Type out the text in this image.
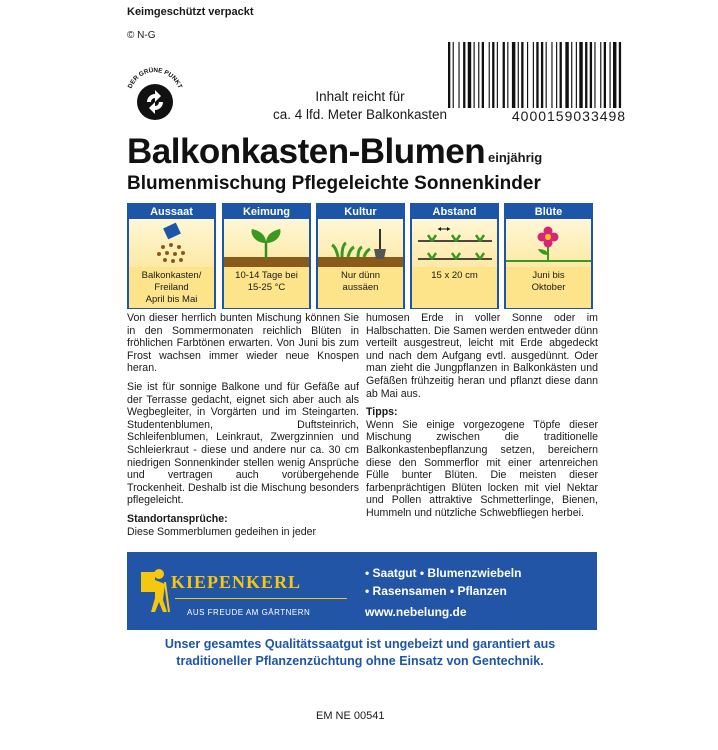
Keimgeschützt verpackt
© N-G
DER GRÜNE PUNKT
Inhalt reicht für
ca. 4 lfd. Meter Balkonkasten	4000159033498
Balkonkasten-Blumen einjährig
Blumenmischung Pflegeleichte Sonnenkinder
Aussaat
Balkonkasten/
Freiland
April bis Mai
Keimung
10-14 Tage bei
15-25 °C
Kultur
Nur dünn
aussäen
Abstand
15 x 20 cm
Blüte
Juni bis
Oktober

Von dieser herrlich bunten Mischung können Sie in den Sommermonaten reichlich Blüten in fröhlichen Farbtönen erwarten. Von Juni bis zum Frost wachsen immer wieder neue Knospen heran.

Sie ist für sonnige Balkone und für Gefäße auf der Terrasse gedacht, eignet sich aber auch als Wegbegleiter, in Vorgärten und im Steingarten. Studentenblumen, Duftsteinrich, Schleifenblumen, Leinkraut, Zwergzinnien und Schleierkraut - diese und andere nur ca. 30 cm niedrigen Sonnenkinder stellen wenig Ansprüche und vertragen auch vorübergehende Trockenheit. Deshalb ist die Mischung besonders pflegeleicht.

Standortansprüche:
Diese Sommerblumen gedeihen in jeder

humosen Erde in voller Sonne oder im Halbschatten. Die Samen werden entweder dünn verteilt ausgestreut, leicht mit Erde abgedeckt und nach dem Aufgang evtl. ausgedünnt. Oder man zieht die Jungpflanzen in Balkonkästen und Gefäßen frühzeitig heran und pflanzt diese dann ab Mai aus.

Tipps:
Wenn Sie einige vorgezogene Töpfe dieser Mischung zwischen die traditionelle Balkonkastenbepflanzung setzen, bereichern diese den Sommerflor mit einer artenreichen Fülle bunter Blüten. Die meisten dieser farbenprächtigen Blüten locken mit viel Nektar und Pollen attraktive Schmetterlinge, Bienen, Hummeln und nützliche Schwebfliegen herbei.
KIEPENKERL
AUS FREUDE AM GÄRTNERN
• Saatgut • Blumenzwiebeln
• Rasensamen • Pflanzen
www.nebelung.de
Unser gesamtes Qualitätssaatgut ist ungebeizt und garantiert aus
traditioneller Pflanzenzüchtung ohne Einsatz von Gentechnik.
EM NE 00541
